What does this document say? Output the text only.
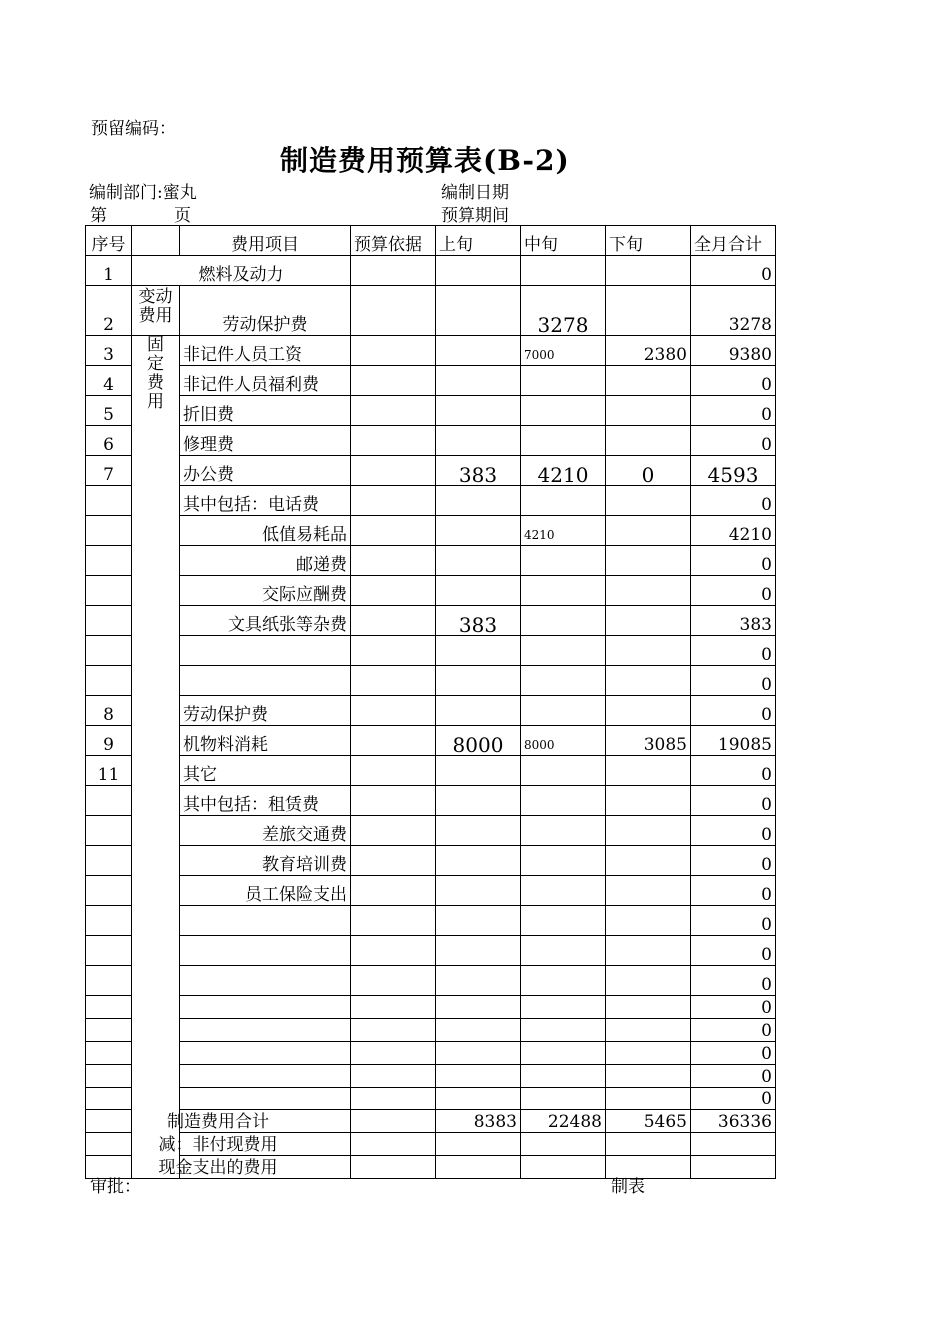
预留编码：
制造费用预算表(B-2)
编制部门:蜜丸	编制日期
第	页	预算期间
序号		费用项目	预算依据	上旬	中旬	下旬	全月合计
1	燃料及动力						0
2	变动费用	劳动保护费			3278		3278
3	固定费用	非记件人员工资			7000	2380	9380
4		非记件人员福利费					0
5		折旧费					0
6		修理费					0
7		办公费		383	4210	0	4593
		其中包括：电话费					0
		低值易耗品			4210		4210
		邮递费					0
		交际应酬费					0
		文具纸张等杂费		383			383
							0
							0
8		劳动保护费					0
9		机物料消耗		8000	8000	3085	19085
11		其它					0
		其中包括：租赁费					0
		差旅交通费					0
		教育培训费					0
		员工保险支出					0
							0
							0
							0
							0
							0
							0
							0
							0
制造费用合计				8383	22488	5465	36336
减：非付现费用							
现金支出的费用							
审批：	制表
